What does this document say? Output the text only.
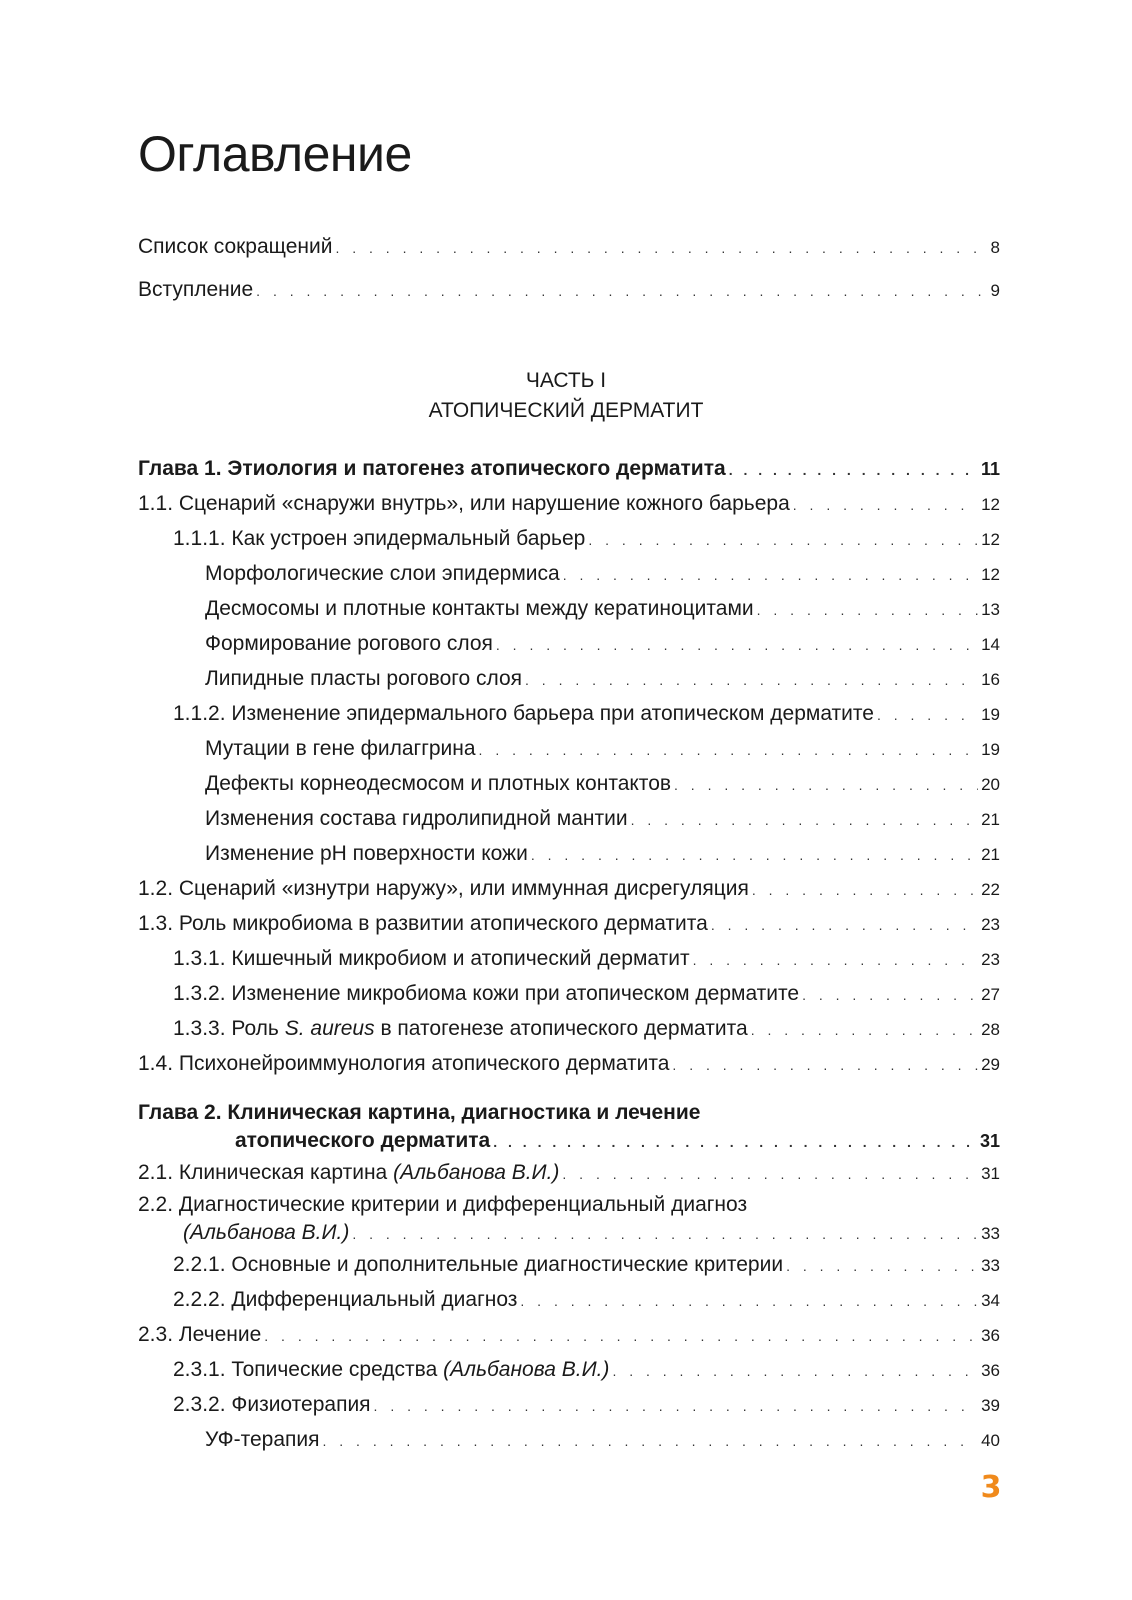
Оглавление
Список сокращений . . .	8
Вступление . . .	9
ЧАСТЬ I
АТОПИЧЕСКИЙ ДЕРМАТИТ
Глава 1. Этиология и патогенез атопического дерматита . . .	11
1.1. Сценарий «снаружи внутрь», или нарушение кожного барьера . . .	12
1.1.1. Как устроен эпидермальный барьер . . .	12
Морфологические слои эпидермиса . . .	12
Десмосомы и плотные контакты между кератиноцитами . . .	13
Формирование рогового слоя . . .	14
Липидные пласты рогового слоя . . .	16
1.1.2. Изменение эпидермального барьера при атопическом дерматите . . .	19
Мутации в гене филаггрина . . .	19
Дефекты корнеодесмосом и плотных контактов . . .	20
Изменения состава гидролипидной мантии . . .	21
Изменение pH поверхности кожи . . .	21
1.2. Сценарий «изнутри наружу», или иммунная дисрегуляция . . .	22
1.3. Роль микробиома в развитии атопического дерматита . . .	23
1.3.1. Кишечный микробиом и атопический дерматит . . .	23
1.3.2. Изменение микробиома кожи при атопическом дерматите . . .	27
1.3.3. Роль S. aureus в патогенезе атопического дерматита . . .	28
1.4. Психонейроиммунология атопического дерматита . . .	29
Глава 2. Клиническая картина, диагностика и лечение
атопического дерматита . . .	31
2.1. Клиническая картина (Альбанова В.И.) . . .	31
2.2. Диагностические критерии и дифференциальный диагноз
(Альбанова В.И.) . . .	33
2.2.1. Основные и дополнительные диагностические критерии . . .	33
2.2.2. Дифференциальный диагноз . . .	34
2.3. Лечение . . .	36
2.3.1. Топические средства (Альбанова В.И.) . . .	36
2.3.2. Физиотерапия . . .	39
УФ-терапия . . .	40
3
